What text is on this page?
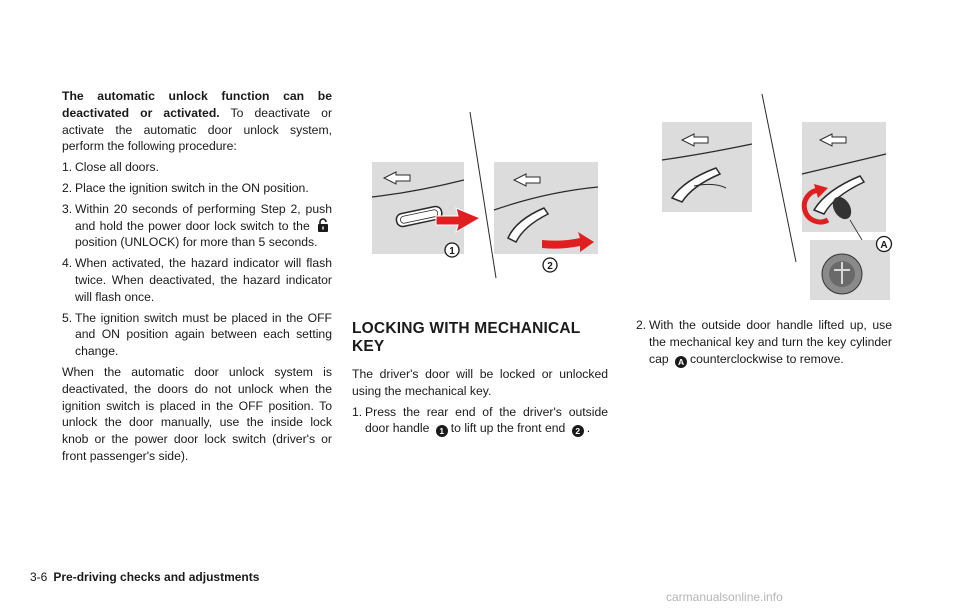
The automatic unlock function can be deactivated or activated. To deactivate or activate the automatic door unlock system, perform the following procedure:

1. Close all doors.
2. Place the ignition switch in the ON position.
3. Within 20 seconds of performing Step 2, push and hold the power door lock switch to the  position (UNLOCK) for more than 5 seconds.
4. When activated, the hazard indicator will flash twice. When deactivated, the hazard indicator will flash once.
5. The ignition switch must be placed in the OFF and ON position again between each setting change.

When the automatic door unlock system is deactivated, the doors do not unlock when the ignition switch is placed in the OFF position. To unlock the door manually, use the inside lock knob or the power door lock switch (driver's or front passenger's side).

1
2
A
LOCKING WITH MECHANICAL KEY

The driver's door will be locked or unlocked using the mechanical key.

1. Press the rear end of the driver's outside door handle 1 to lift up the front end 2 .
2. With the outside door handle lifted up, use the mechanical key and turn the key cylinder cap A counterclockwise to remove.
3-6 Pre-driving checks and adjustments
carmanualsonline.info
